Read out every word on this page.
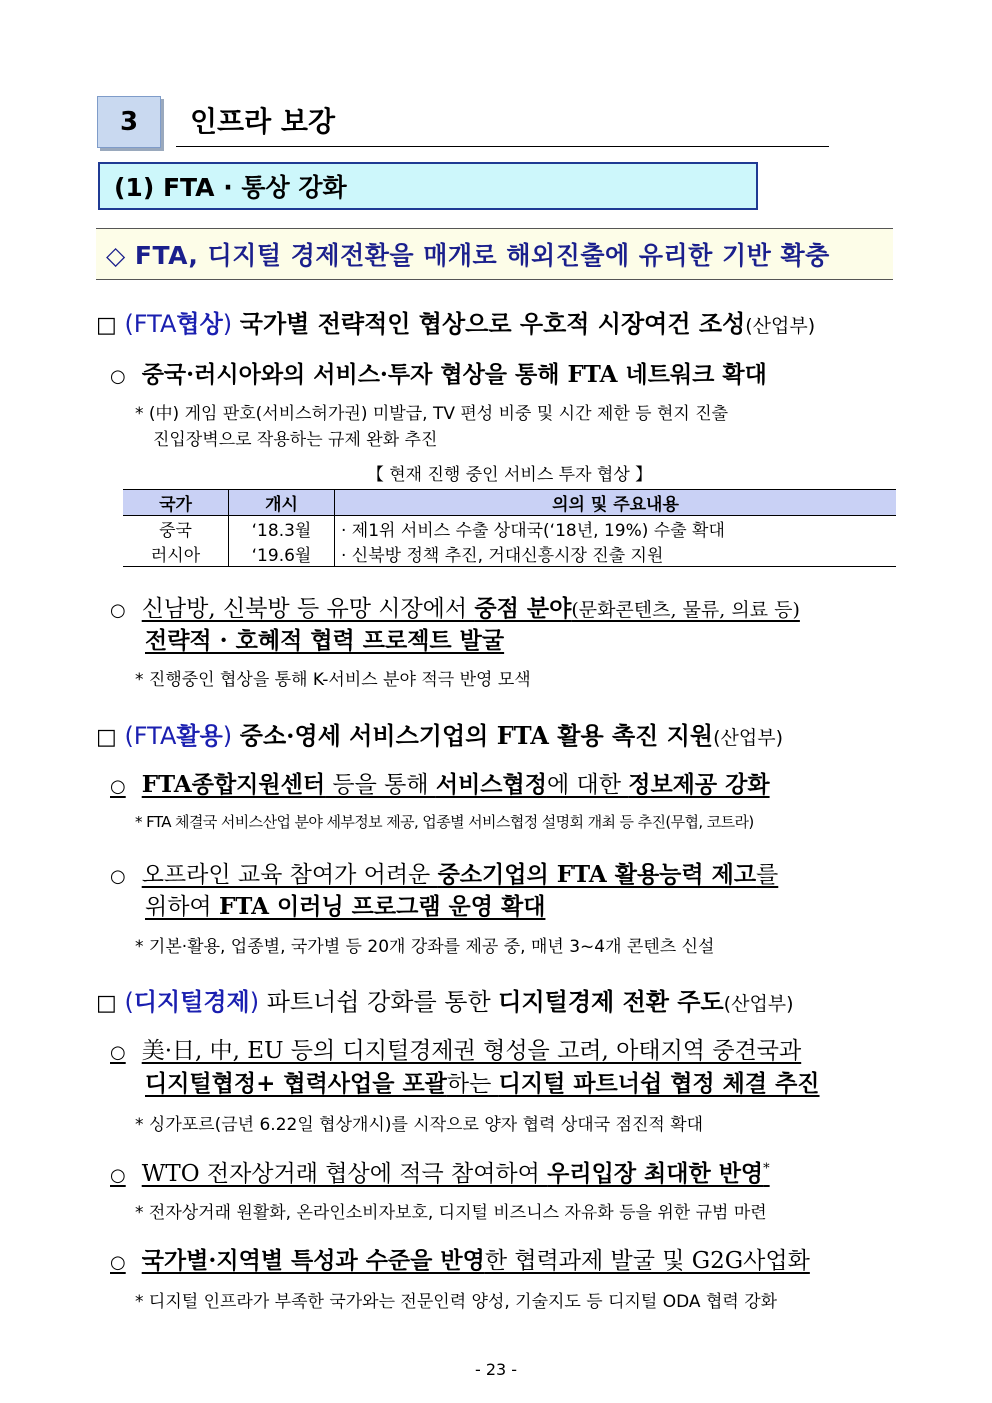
3	인프라 보강
(1) FTA · 통상 강화
◇ FTA, 디지털 경제전환을 매개로 해외진출에 유리한 기반 확충
□ (FTA협상) 국가별 전략적인 협상으로 우호적 시장여건 조성(산업부)
○ 중국·러시아와의 서비스·투자 협상을 통해 FTA 네트워크 확대
* (中) 게임 판호(서비스허가권) 미발급, TV 편성 비중 및 시간 제한 등 현지 진출
진입장벽으로 작용하는 규제 완화 추진
【 현재 진행 중인 서비스 투자 협상 】
국가	개시	의의 및 주요내용
중국	‘18.3월	· 제1위 서비스 수출 상대국(‘18년, 19%) 수출 확대
러시아	‘19.6월	· 신북방 정책 추진, 거대신흥시장 진출 지원
○ 신남방, 신북방 등 유망 시장에서 중점 분야(문화콘텐츠, 물류, 의료 등)
전략적 · 호혜적 협력 프로젝트 발굴
* 진행중인 협상을 통해 K-서비스 분야 적극 반영 모색
□ (FTA활용) 중소·영세 서비스기업의 FTA 활용 촉진 지원(산업부)
○ FTA종합지원센터 등을 통해 서비스협정에 대한 정보제공 강화
* FTA 체결국 서비스산업 분야 세부정보 제공, 업종별 서비스협정 설명회 개최 등 추진(무협, 코트라)
○ 오프라인 교육 참여가 어려운 중소기업의 FTA 활용능력 제고를
위하여 FTA 이러닝 프로그램 운영 확대
* 기본·활용, 업종별, 국가별 등 20개 강좌를 제공 중, 매년 3~4개 콘텐츠 신설
□ (디지털경제) 파트너쉽 강화를 통한 디지털경제 전환 주도(산업부)
○ 美·日, 中, EU 등의 디지털경제권 형성을 고려, 아태지역 중견국과
디지털협정+ 협력사업을 포괄하는 디지털 파트너쉽 협정 체결 추진
* 싱가포르(금년 6.22일 협상개시)를 시작으로 양자 협력 상대국 점진적 확대
○ WTO 전자상거래 협상에 적극 참여하여 우리입장 최대한 반영*
* 전자상거래 원활화, 온라인소비자보호, 디지털 비즈니스 자유화 등을 위한 규범 마련
○ 국가별·지역별 특성과 수준을 반영한 협력과제 발굴 및 G2G사업화
* 디지털 인프라가 부족한 국가와는 전문인력 양성, 기술지도 등 디지털 ODA 협력 강화
- 23 -
